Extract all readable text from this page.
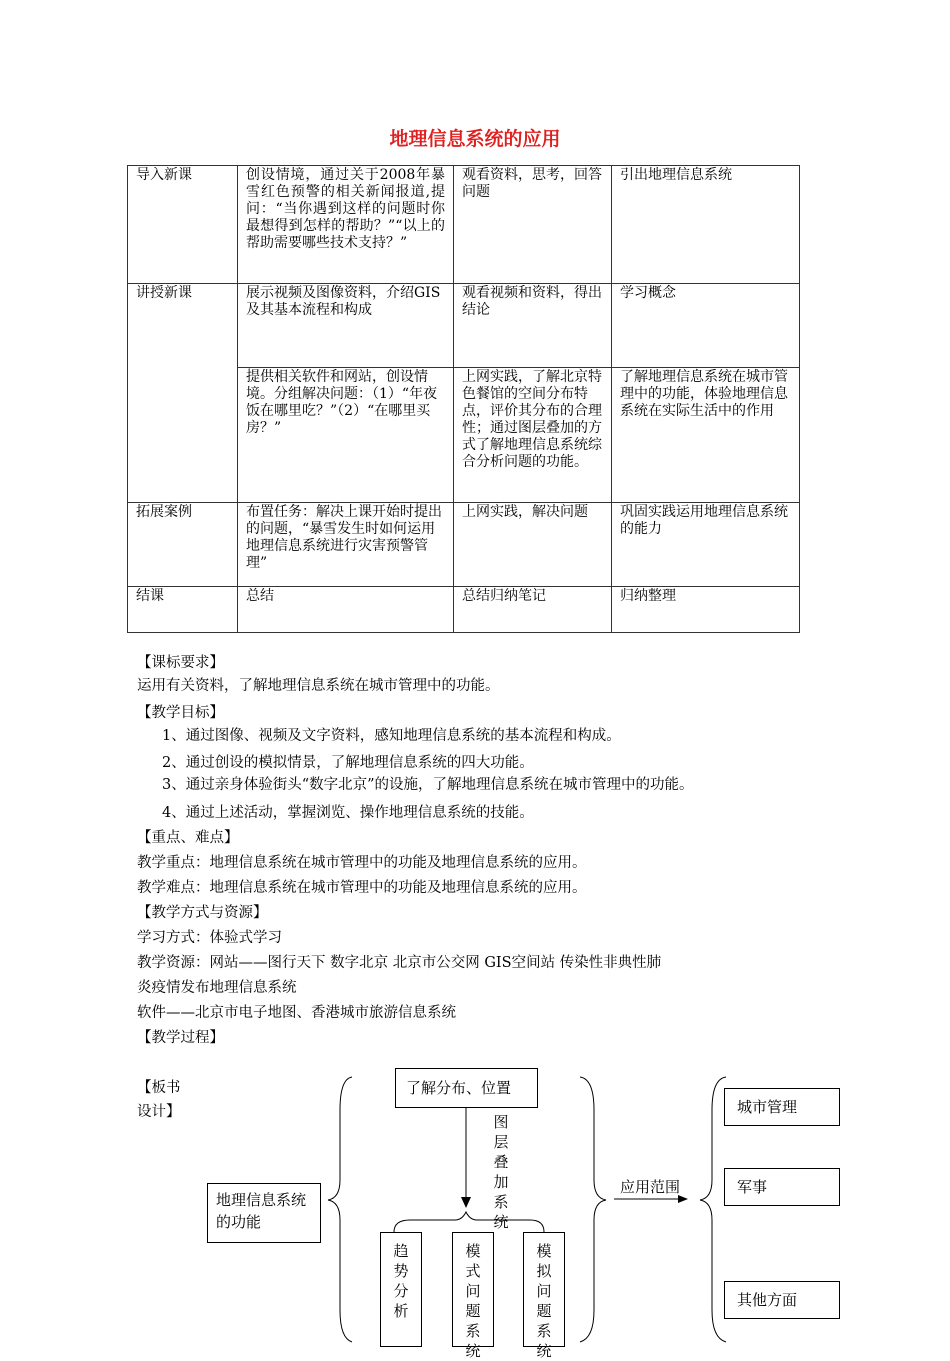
地理信息系统的应用
导入新课	创设情境，通过关于2008年暴雪红色预警的相关新闻报道,提问：“当你遇到这样的问题时你最想得到怎样的帮助？”“以上的帮助需要哪些技术支持？”	观看资料，思考，回答问题	引出地理信息系统
讲授新课	展示视频及图像资料，介绍GIS及其基本流程和构成	观看视频和资料，得出结论	学习概念
	提供相关软件和网站，创设情境。分组解决问题：（1）“年夜饭在哪里吃？”（2）“在哪里买房？”	上网实践，了解北京特色餐馆的空间分布特点，评价其分布的合理性；通过图层叠加的方式了解地理信息系统综合分析问题的功能。	了解地理信息系统在城市管理中的功能，体验地理信息系统在实际生活中的作用
拓展案例	布置任务：解决上课开始时提出的问题，“暴雪发生时如何运用地理信息系统进行灾害预警管理”	上网实践，解决问题	巩固实践运用地理信息系统的能力
结课	总结	总结归纳笔记	归纳整理
【课标要求】
运用有关资料，了解地理信息系统在城市管理中的功能。
【教学目标】
1、通过图像、视频及文字资料，感知地理信息系统的基本流程和构成。
2、通过创设的模拟情景，了解地理信息系统的四大功能。
3、通过亲身体验街头“数字北京”的设施，了解地理信息系统在城市管理中的功能。
4、通过上述活动，掌握浏览、操作地理信息系统的技能。
【重点、难点】
教学重点：地理信息系统在城市管理中的功能及地理信息系统的应用。
教学难点：地理信息系统在城市管理中的功能及地理信息系统的应用。
【教学方式与资源】
学习方式：体验式学习
教学资源：网站——图行天下 数字北京 北京市公交网 GIS空间站 传染性非典性肺
炎疫情发布地理信息系统
软件——北京市电子地图、香港城市旅游信息系统
【教学过程】
【板书
设计】
地理信息系统的功能
了解分布、位置
图层叠加系统
趋势分析
模式问题系统
模拟问题系统
应用范围
城市管理
军事
其他方面
